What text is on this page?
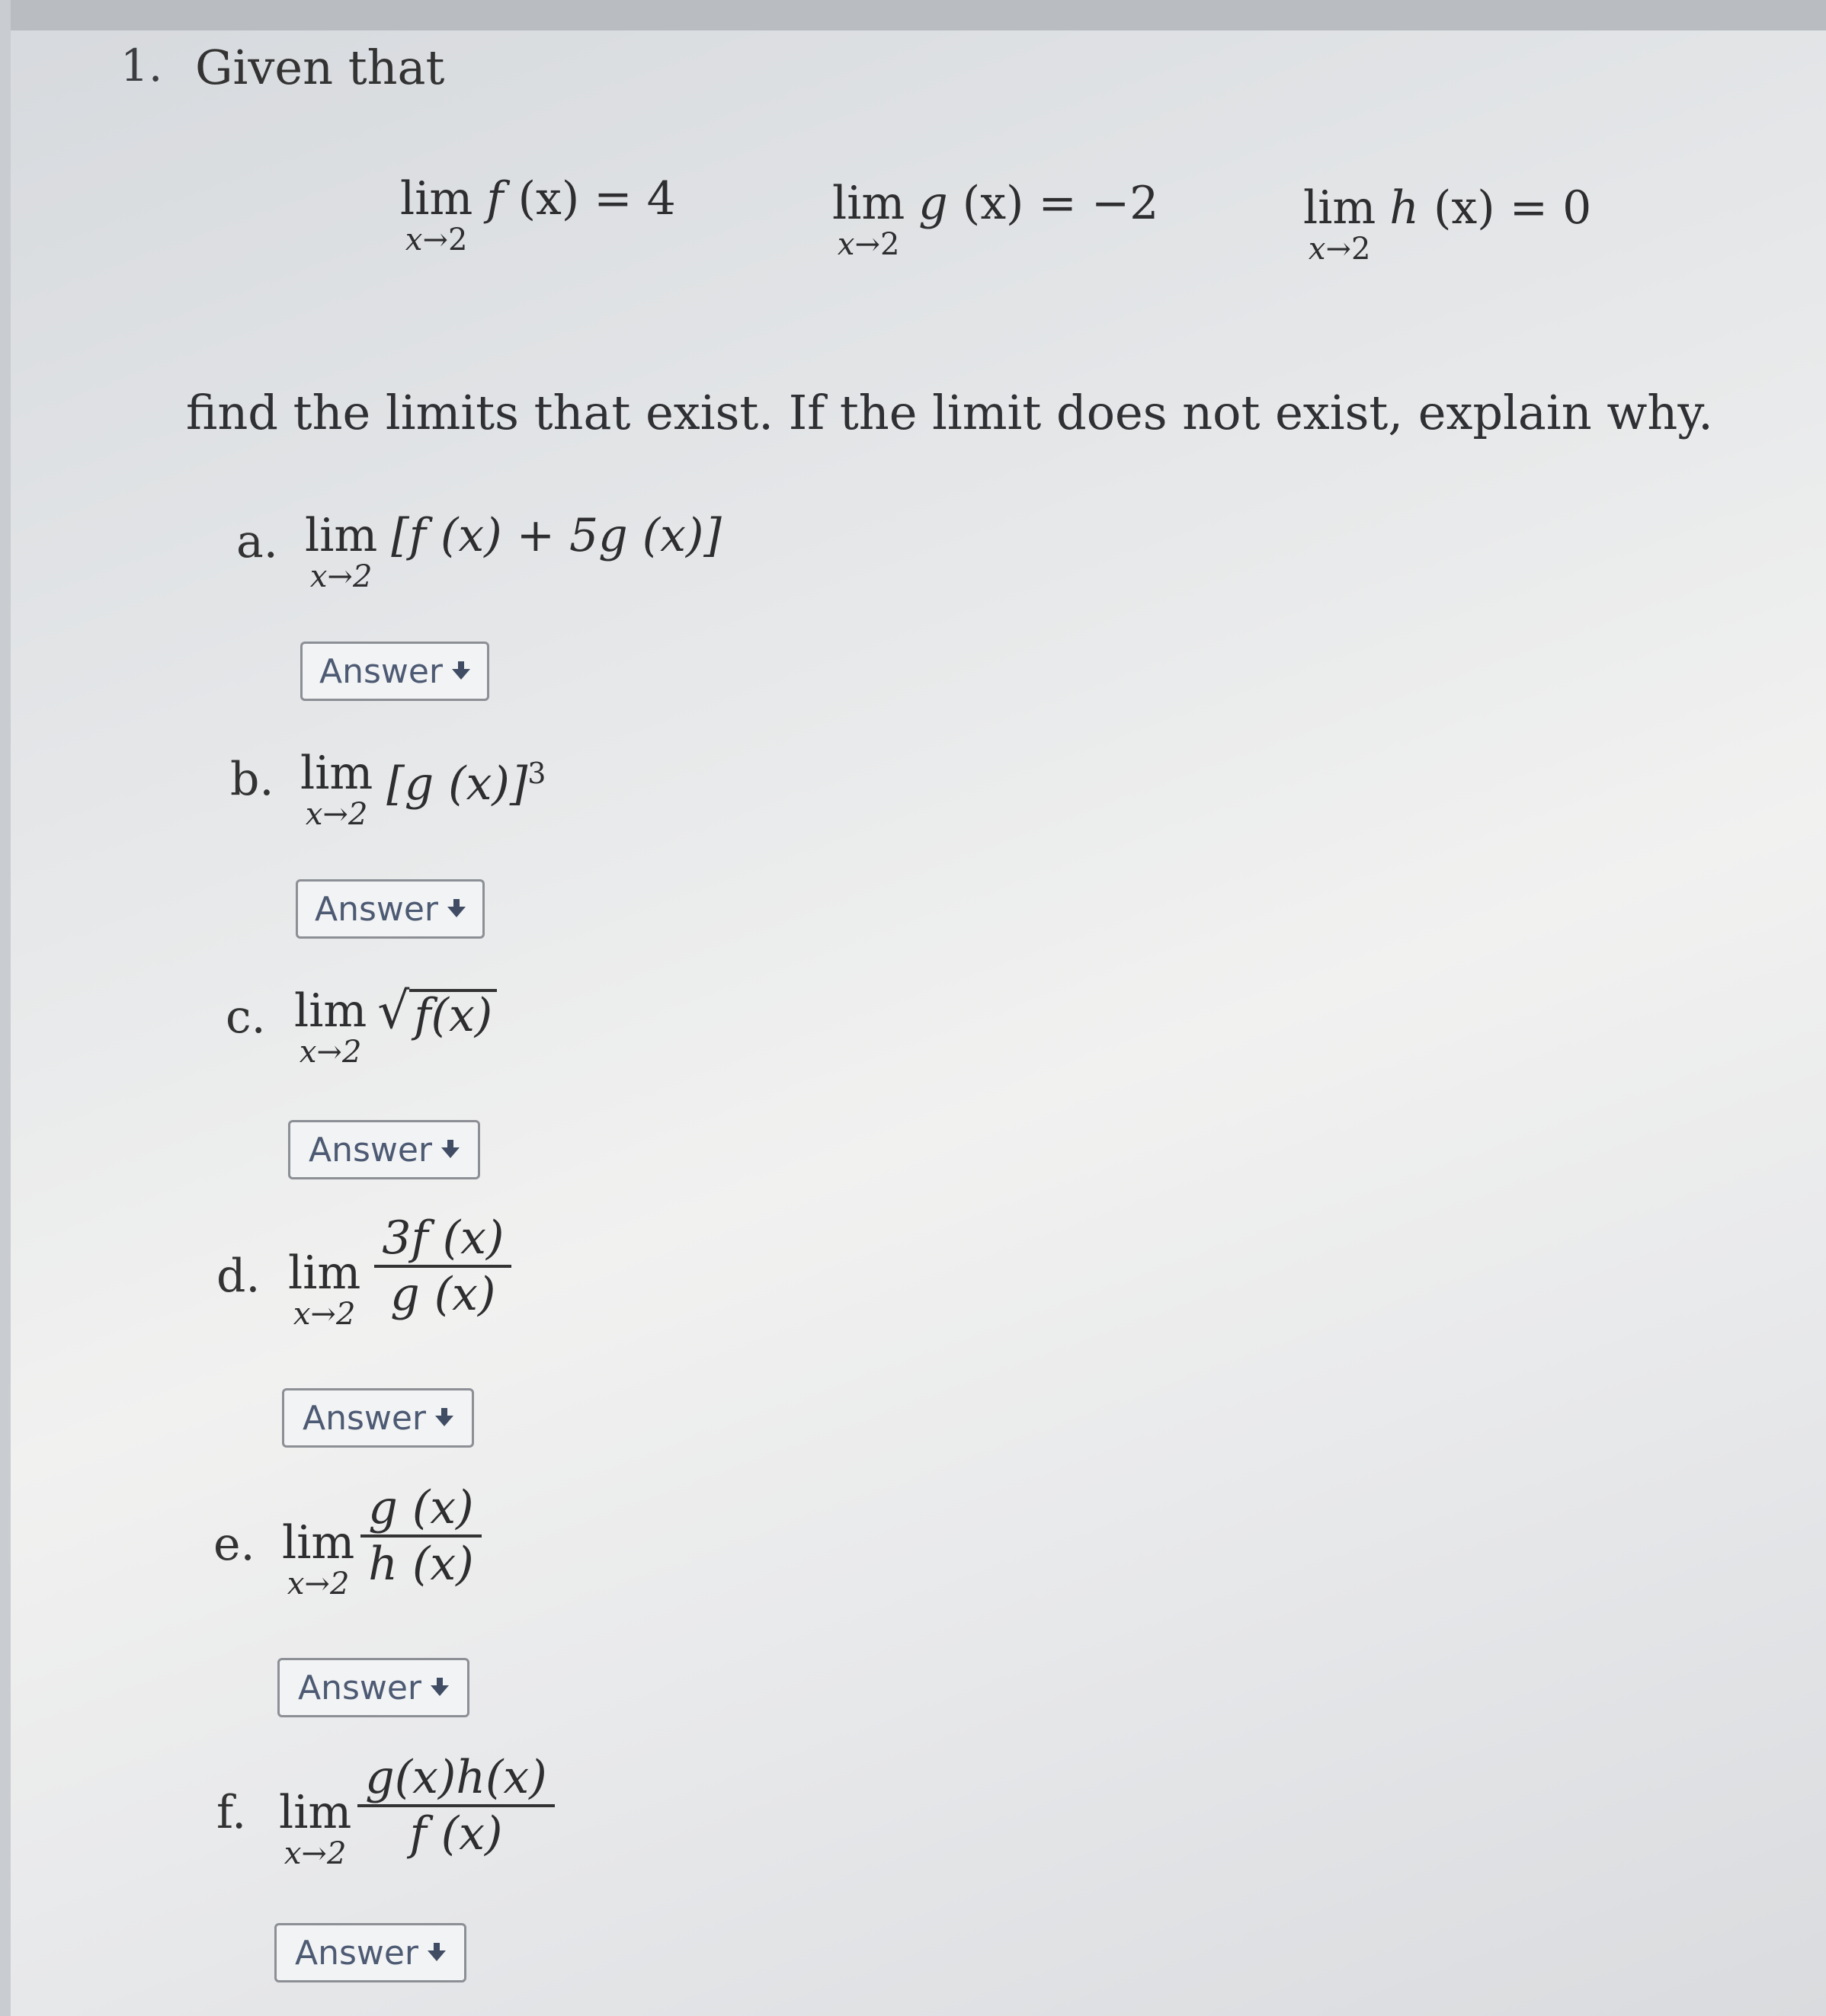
1. Given that
lim
x→2
f (x) = 4	lim
x→2
g (x) = −2	lim
x→2
h (x) = 0
find the limits that exist. If the limit does not exist, explain why.
a. lim
x→2
[f (x) + 5g (x)]
Answer
b. lim
x→2
[g (x)]$^3$
Answer
c. lim
x→2
√ f(x)
Answer
d. lim
$x\to 2 \frac{3f (x)}{g (x)}$
Answer
e. lim
$x\to 2 \frac{g (x)}{h (x)}$
Answer
f. lim
$x\to 2 \frac{g(x)h(x)}{f (x)}$
Answer
